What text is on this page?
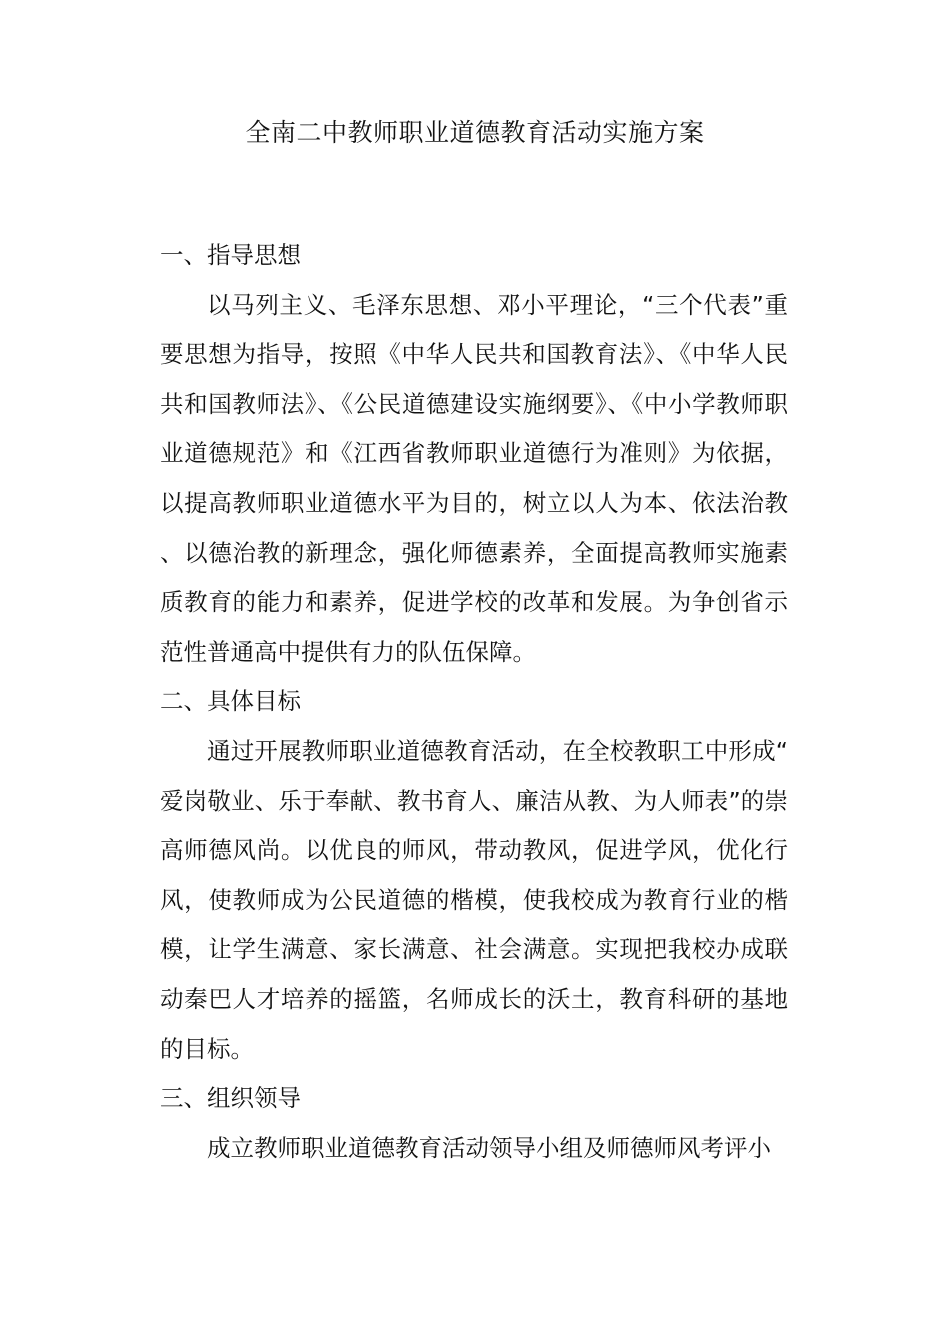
全南二中教师职业道德教育活动实施方案

一、指导思想

以马列主义、毛泽东思想、邓小平理论，“三个代表”重要思想为指导，按照《中华人民共和国教育法》、《中华人民共和国教师法》、《公民道德建设实施纲要》、《中小学教师职业道德规范》和《江西省教师职业道德行为准则》为依据，以提高教师职业道德水平为目的，树立以人为本、依法治教、以德治教的新理念，强化师德素养，全面提高教师实施素质教育的能力和素养，促进学校的改革和发展。为争创省示范性普通高中提供有力的队伍保障。

二、具体目标

通过开展教师职业道德教育活动，在全校教职工中形成“爱岗敬业、乐于奉献、教书育人、廉洁从教、为人师表”的崇高师德风尚。以优良的师风，带动教风，促进学风，优化行风，使教师成为公民道德的楷模，使我校成为教育行业的楷模，让学生满意、家长满意、社会满意。实现把我校办成联动秦巴人才培养的摇篮，名师成长的沃土，教育科研的基地的目标。

三、组织领导

成立教师职业道德教育活动领导小组及师德师风考评小
